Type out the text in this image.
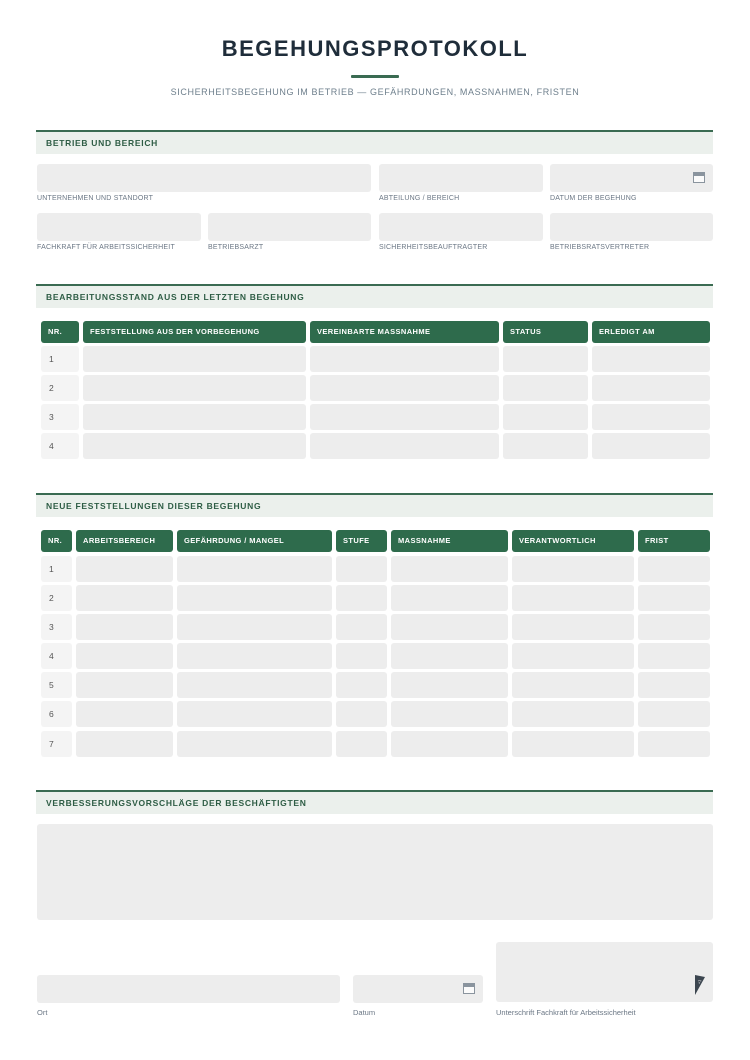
BEGEHUNGSPROTOKOLL
SICHERHEITSBEGEHUNG IM BETRIEB — GEFÄHRDUNGEN, MASSNAHMEN, FRISTEN
BETRIEB UND BEREICH
UNTERNEHMEN UND STANDORT	ABTEILUNG / BEREICH	DATUM DER BEGEHUNG
FACHKRAFT FÜR ARBEITSSICHERHEIT	BETRIEBSARZT	SICHERHEITSBEAUFTRAGTER	BETRIEBSRATSVERTRETER
BEARBEITUNGSSTAND AUS DER LETZTEN BEGEHUNG
NR.	FESTSTELLUNG AUS DER VORBEGEHUNG	VEREINBARTE MASSNAHME	STATUS	ERLEDIGT AM
1
2
3
4
NEUE FESTSTELLUNGEN DIESER BEGEHUNG
NR.	ARBEITSBEREICH	GEFÄHRDUNG / MANGEL	STUFE	MASSNAHME	VERANTWORTLICH	FRIST
1
2
3
4
5
6
7
VERBESSERUNGSVORSCHLÄGE DER BESCHÄFTIGTEN
Ort	Datum	Unterschrift Fachkraft für Arbeitssicherheit
